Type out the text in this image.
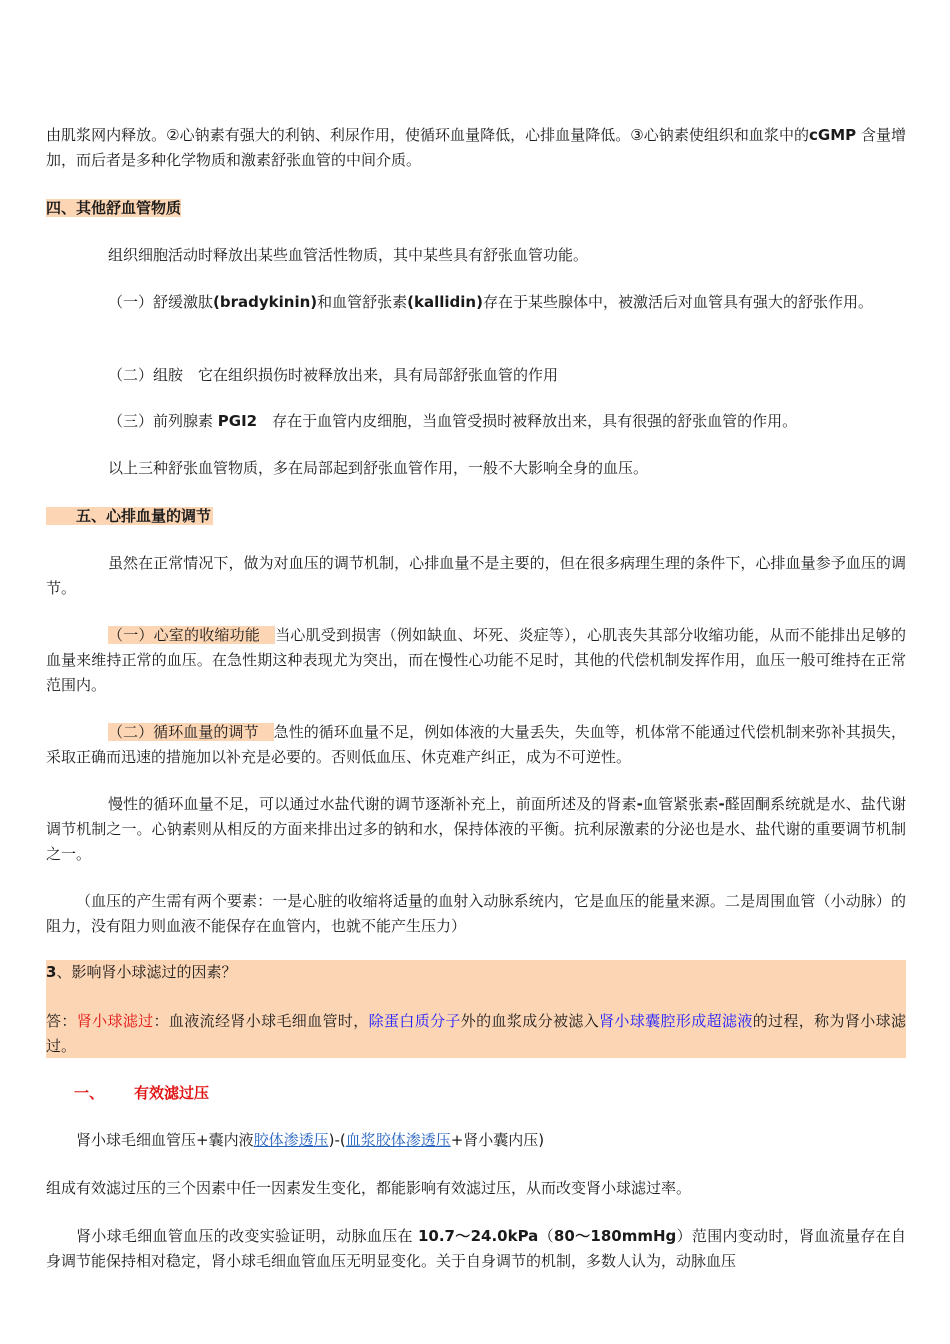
由肌浆网内释放。②心钠素有强大的利钠、利尿作用，使循环血量降低，心排血量降低。③心钠素使组织和血浆中的cGMP 含量增加，而后者是多种化学物质和激素舒张血管的中间介质。

四、其他舒血管物质

组织细胞活动时释放出某些血管活性物质，其中某些具有舒张血管功能。

（一）舒缓激肽(bradykinin)和血管舒张素(kallidin)存在于某些腺体中，被激活后对血管具有强大的舒张作用。

（二）组胺　它在组织损伤时被释放出来，具有局部舒张血管的作用

（三）前列腺素 PGI2　存在于血管内皮细胞，当血管受损时被释放出来，具有很强的舒张血管的作用。

以上三种舒张血管物质，多在局部起到舒张血管作用，一般不大影响全身的血压。

　　五、心排血量的调节

虽然在正常情况下，做为对血压的调节机制，心排血量不是主要的，但在很多病理生理的条件下，心排血量参予血压的调节。

（一）心室的收缩功能　当心肌受到损害（例如缺血、坏死、炎症等），心肌丧失其部分收缩功能，从而不能排出足够的血量来维持正常的血压。在急性期这种表现尤为突出，而在慢性心功能不足时，其他的代偿机制发挥作用，血压一般可维持在正常范围内。

（二）循环血量的调节　急性的循环血量不足，例如体液的大量丢失，失血等，机体常不能通过代偿机制来弥补其损失，采取正确而迅速的措施加以补充是必要的。否则低血压、休克难产纠正，成为不可逆性。

慢性的循环血量不足，可以通过水盐代谢的调节逐渐补充上，前面所述及的肾素-血管紧张素-醛固酮系统就是水、盐代谢调节机制之一。心钠素则从相反的方面来排出过多的钠和水，保持体液的平衡。抗利尿激素的分泌也是水、盐代谢的重要调节机制之一。

（血压的产生需有两个要素：一是心脏的收缩将适量的血射入动脉系统内，它是血压的能量来源。二是周围血管（小动脉）的阻力，没有阻力则血液不能保存在血管内，也就不能产生压力）

3、影响肾小球滤过的因素？

答：肾小球滤过：血液流经肾小球毛细血管时，除蛋白质分子外的血浆成分被滤入肾小球囊腔形成超滤液的过程，称为肾小球滤过。

一、 有效滤过压

肾小球毛细血管压+囊内液胶体渗透压)-(血浆胶体渗透压+肾小囊内压)

组成有效滤过压的三个因素中任一因素发生变化，都能影响有效滤过压，从而改变肾小球滤过率。

肾小球毛细血管血压的改变实验证明，动脉血压在 10.7～24.0kPa（80～180mmHg）范围内变动时，肾血流量存在自身调节能保持相对稳定，肾小球毛细血管血压无明显变化。关于自身调节的机制，多数人认为，动脉血压
